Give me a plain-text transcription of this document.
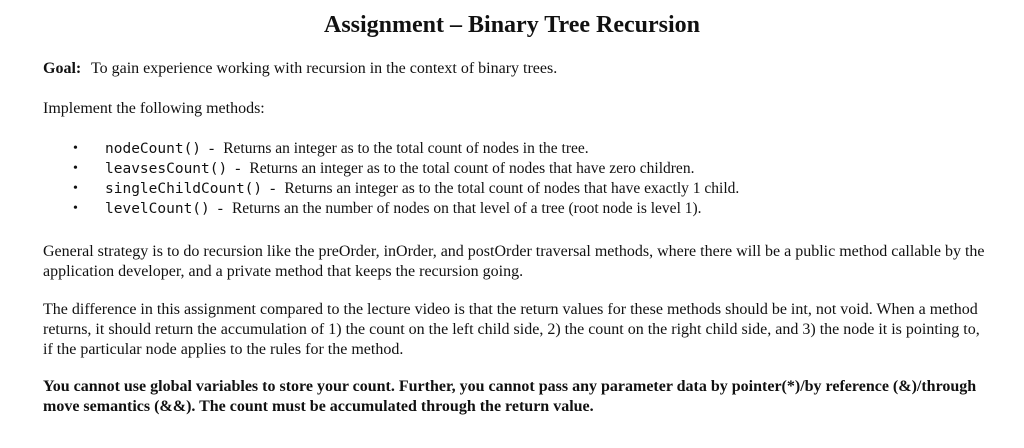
Assignment – Binary Tree Recursion
Goal: To gain experience working with recursion in the context of binary trees.
Implement the following methods:
• nodeCount() - Returns an integer as to the total count of nodes in the tree.
• leavsesCount() - Returns an integer as to the total count of nodes that have zero children.
• singleChildCount() - Returns an integer as to the total count of nodes that have exactly 1 child.
• levelCount() - Returns an the number of nodes on that level of a tree (root node is level 1).
General strategy is to do recursion like the preOrder, inOrder, and postOrder traversal methods, where there will be a public method callable by the application developer, and a private method that keeps the recursion going.
The difference in this assignment compared to the lecture video is that the return values for these methods should be int, not void. When a method returns, it should return the accumulation of 1) the count on the left child side, 2) the count on the right child side, and 3) the node it is pointing to, if the particular node applies to the rules for the method.
You cannot use global variables to store your count. Further, you cannot pass any parameter data by pointer(*)/by reference (&)/through move semantics (&&). The count must be accumulated through the return value.
